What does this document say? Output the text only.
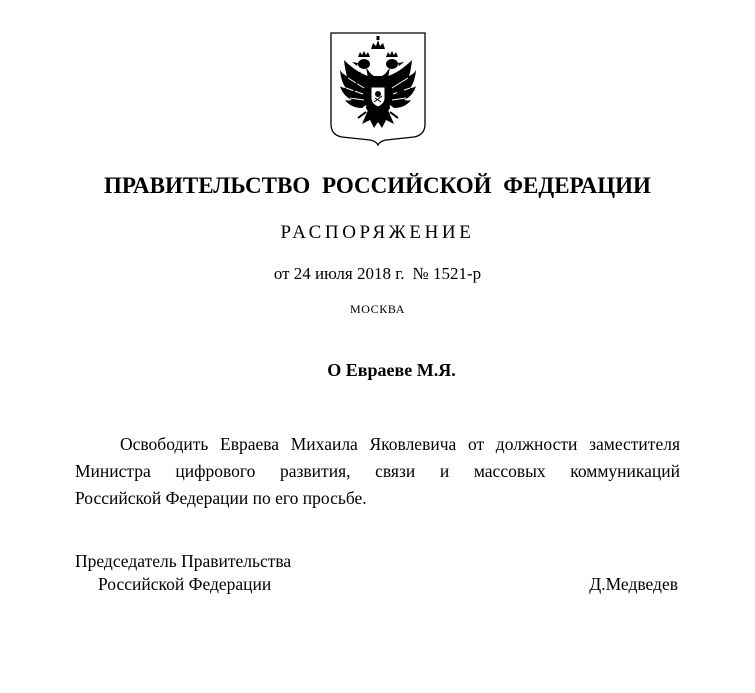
ПРАВИТЕЛЬСТВО РОССИЙСКОЙ ФЕДЕРАЦИИ
РАСПОРЯЖЕНИЕ
от 24 июля 2018 г. № 1521-р
МОСКВА
О Евраеве М.Я.
Освободить Евраева Михаила Яковлевича от должности заместителя
Министра цифрового развития, связи и массовых коммуникаций
Российской Федерации по его просьбе.
Председатель Правительства
Российской Федерации	Д.Медведев
